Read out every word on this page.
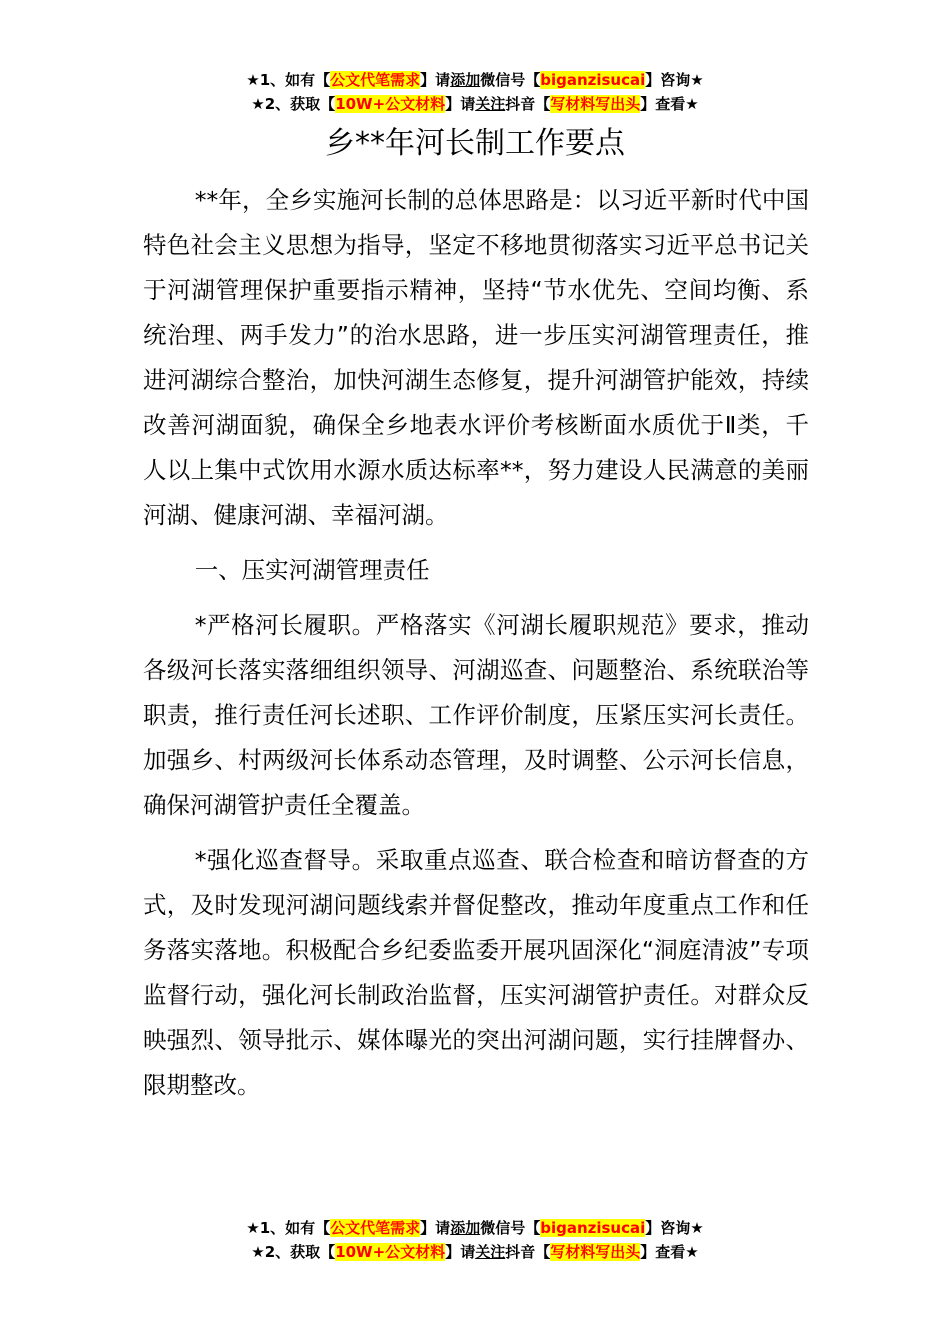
★1、如有【公文代笔需求】请添加微信号【biganzisucai】咨询★
★2、获取【10W+公文材料】请关注抖音【写材料写出头】查看★
乡**年河长制工作要点

**年，全乡实施河长制的总体思路是：以习近平新时代中国特色社会主义思想为指导，坚定不移地贯彻落实习近平总书记关于河湖管理保护重要指示精神，坚持“节水优先、空间均衡、系统治理、两手发力”的治水思路，进一步压实河湖管理责任，推进河湖综合整治，加快河湖生态修复，提升河湖管护能效，持续改善河湖面貌，确保全乡地表水评价考核断面水质优于Ⅱ类，千人以上集中式饮用水源水质达标率**，努力建设人民满意的美丽河湖、健康河湖、幸福河湖。

一、压实河湖管理责任

*严格河长履职。严格落实《河湖长履职规范》要求，推动各级河长落实落细组织领导、河湖巡查、问题整治、系统联治等职责，推行责任河长述职、工作评价制度，压紧压实河长责任。加强乡、村两级河长体系动态管理，及时调整、公示河长信息，确保河湖管护责任全覆盖。

*强化巡查督导。采取重点巡查、联合检查和暗访督查的方式，及时发现河湖问题线索并督促整改，推动年度重点工作和任务落实落地。积极配合乡纪委监委开展巩固深化“洞庭清波”专项监督行动，强化河长制政治监督，压实河湖管护责任。对群众反映强烈、领导批示、媒体曝光的突出河湖问题，实行挂牌督办、限期整改。

★1、如有【公文代笔需求】请添加微信号【biganzisucai】咨询★
★2、获取【10W+公文材料】请关注抖音【写材料写出头】查看★
